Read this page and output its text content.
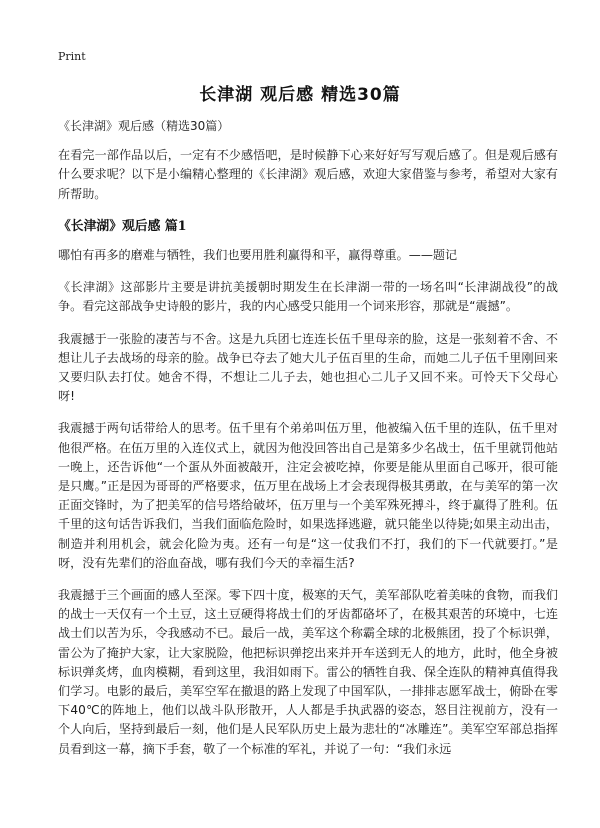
Print
长津湖 观后感 精选30篇

《长津湖》观后感（精选30篇）

在看完一部作品以后，一定有不少感悟吧，是时候静下心来好好写写观后感了。但是观后感有什么要求呢？以下是小编精心整理的《长津湖》观后感，欢迎大家借鉴与参考，希望对大家有所帮助。

《长津湖》观后感 篇1

哪怕有再多的磨难与牺牲，我们也要用胜利赢得和平，赢得尊重。——题记

《长津湖》这部影片主要是讲抗美援朝时期发生在长津湖一带的一场名叫“长津湖战役”的战争。看完这部战争史诗般的影片，我的内心感受只能用一个词来形容，那就是“震撼”。

我震撼于一张脸的凄苦与不舍。这是九兵团七连连长伍千里母亲的脸，这是一张刻着不舍、不想让儿子去战场的母亲的脸。战争已夺去了她大儿子伍百里的生命，而她二儿子伍千里刚回来又要归队去打仗。她舍不得，不想让二儿子去，她也担心二儿子又回不来。可怜天下父母心呀!

我震撼于两句话带给人的思考。伍千里有个弟弟叫伍万里，他被编入伍千里的连队，伍千里对他很严格。在伍万里的入连仪式上，就因为他没回答出自己是第多少名战士，伍千里就罚他站一晚上，还告诉他“一个蛋从外面被敲开，注定会被吃掉，你要是能从里面自己啄开，很可能是只鹰。”正是因为哥哥的严格要求，伍万里在战场上才会表现得极其勇敢，在与美军的第一次正面交锋时，为了把美军的信号塔给破坏，伍万里与一个美军殊死搏斗，终于赢得了胜利。伍千里的这句话告诉我们，当我们面临危险时，如果选择逃避，就只能坐以待毙;如果主动出击，制造并利用机会，就会化险为夷。还有一句是“这一仗我们不打，我们的下一代就要打。”是呀，没有先辈们的浴血奋战，哪有我们今天的幸福生活?

我震撼于三个画面的感人至深。零下四十度，极寒的天气，美军部队吃着美味的食物，而我们的战士一天仅有一个土豆，这土豆硬得将战士们的牙齿都硌坏了，在极其艰苦的环境中，七连战士们以苦为乐，令我感动不已。最后一战，美军这个称霸全球的北极熊团，投了个标识弹，雷公为了掩护大家，让大家脱险，他把标识弹挖出来并开车送到无人的地方，此时，他全身被标识弹炙烤，血肉模糊，看到这里，我泪如雨下。雷公的牺牲自我、保全连队的精神真值得我们学习。电影的最后，美军空军在撤退的路上发现了中国军队，一排排志愿军战士，俯卧在零下40℃的阵地上，他们以战斗队形散开，人人都是手执武器的姿态，怒目注视前方，没有一个人向后，坚持到最后一刻，他们是人民军队历史上最为悲壮的“冰雕连”。美军空军部总指挥员看到这一幕，摘下手套，敬了一个标准的军礼，并说了一句：“我们永远
